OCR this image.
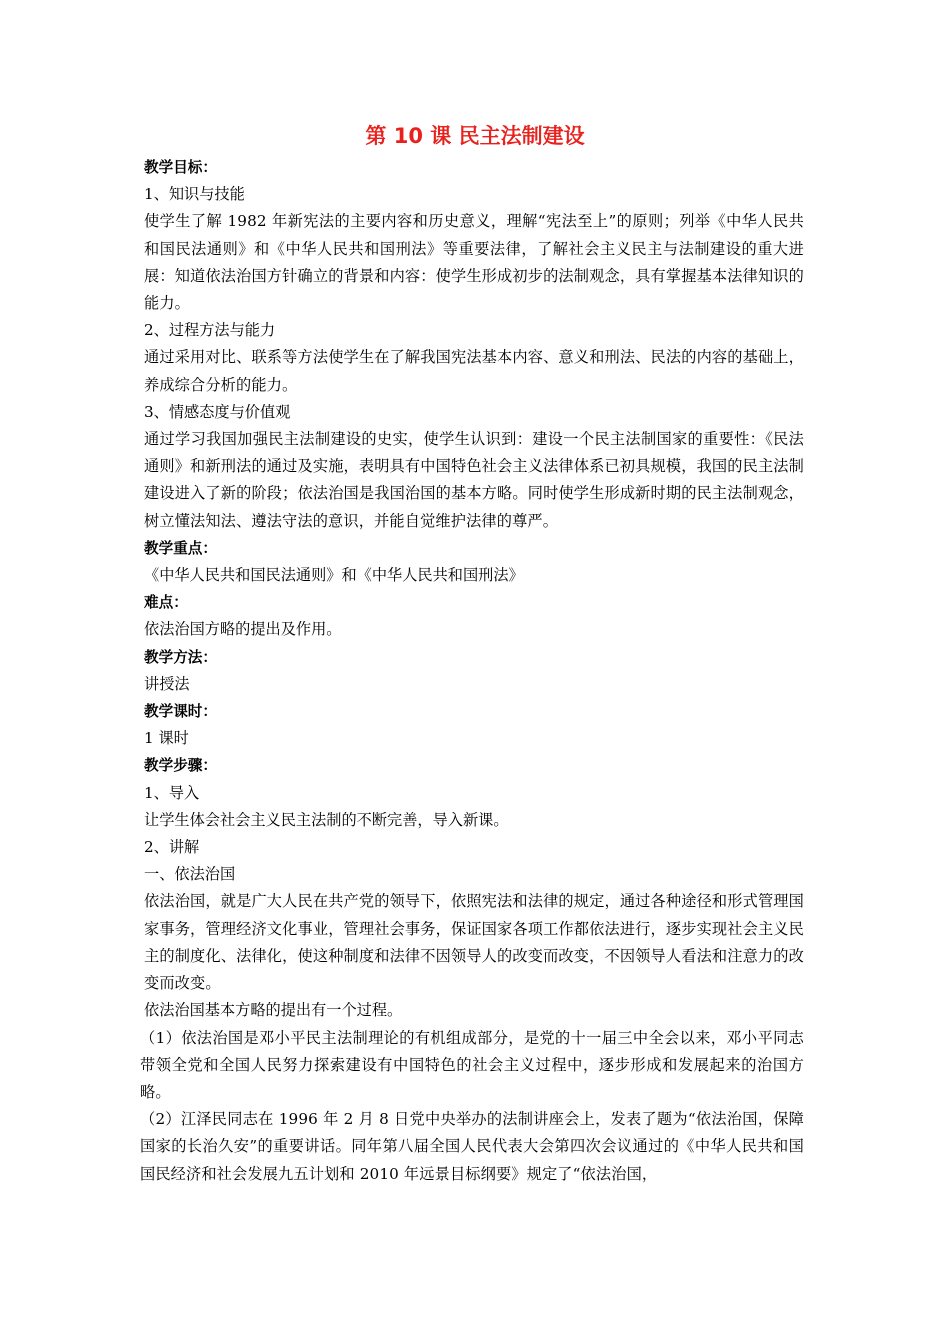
第 10 课 民主法制建设

教学目标：

1、知识与技能

使学生了解 1982 年新宪法的主要内容和历史意义，理解“宪法至上”的原则；列举《中华人民共和国民法通则》和《中华人民共和国刑法》等重要法律，了解社会主义民主与法制建设的重大进展：知道依法治国方针确立的背景和内容：使学生形成初步的法制观念，具有掌握基本法律知识的能力。

2、过程方法与能力

通过采用对比、联系等方法使学生在了解我国宪法基本内容、意义和刑法、民法的内容的基础上，养成综合分析的能力。

3、情感态度与价值观

通过学习我国加强民主法制建设的史实，使学生认识到：建设一个民主法制国家的重要性：《民法通则》和新刑法的通过及实施，表明具有中国特色社会主义法律体系已初具规模，我国的民主法制建设进入了新的阶段；依法治国是我国治国的基本方略。同时使学生形成新时期的民主法制观念，树立懂法知法、遵法守法的意识，并能自觉维护法律的尊严。

教学重点：

《中华人民共和国民法通则》和《中华人民共和国刑法》

难点：

依法治国方略的提出及作用。

教学方法：

讲授法

教学课时：

1 课时

教学步骤：

1、导入

让学生体会社会主义民主法制的不断完善，导入新课。

2、讲解

一、依法治国

依法治国，就是广大人民在共产党的领导下，依照宪法和法律的规定，通过各种途径和形式管理国家事务，管理经济文化事业，管理社会事务，保证国家各项工作都依法进行，逐步实现社会主义民主的制度化、法律化，使这种制度和法律不因领导人的改变而改变，不因领导人看法和注意力的改变而改变。

依法治国基本方略的提出有一个过程。

（1）依法治国是邓小平民主法制理论的有机组成部分，是党的十一届三中全会以来，邓小平同志带领全党和全国人民努力探索建设有中国特色的社会主义过程中，逐步形成和发展起来的治国方略。

（2）江泽民同志在 1996 年 2 月 8 日党中央举办的法制讲座会上，发表了题为“依法治国，保障国家的长治久安”的重要讲话。同年第八届全国人民代表大会第四次会议通过的《中华人民共和国国民经济和社会发展九五计划和 2010 年远景目标纲要》规定了“依法治国，
